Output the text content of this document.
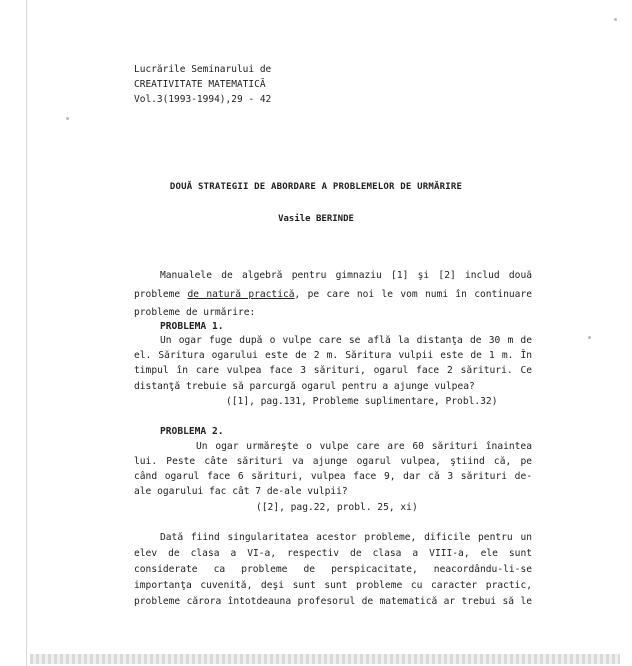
Lucrările Seminarului de
CREATIVITATE MATEMATICĂ
Vol.3(1993-1994),29 - 42
DOUĂ STRATEGII DE ABORDARE A PROBLEMELOR DE URMĂRIRE
Vasile BERINDE
Manualele de algebră pentru gimnaziu [1] şi [2] includ două
probleme de natură practică, pe care noi le vom numi în continuare
probleme de urmărire:
PROBLEMA 1.
Un ogar fuge după o vulpe care se află la distanţa de 30 m de
el. Săritura ogarului este de 2 m. Săritura vulpii este de 1 m. În
timpul în care vulpea face 3 sărituri, ogarul face 2 sărituri. Ce
distanţă trebuie să parcurgă ogarul pentru a ajunge vulpea?
([1], pag.131, Probleme suplimentare, Probl.32)
PROBLEMA 2.
Un ogar urmăreşte o vulpe care are 60 sărituri înaintea
lui. Peste câte sărituri va ajunge ogarul vulpea, ştiind că, pe
când ogarul face 6 sărituri, vulpea face 9, dar că 3 sărituri de-
ale ogarului fac cât 7 de-ale vulpii?
([2], pag.22, probl. 25, xi)
Dată fiind singularitatea acestor probleme, dificile pentru un
elev de clasa a VI-a, respectiv de clasa a VIII-a, ele sunt
considerate ca probleme de perspicacitate, neacordându-li-se
importanţa cuvenită, deşi sunt sunt probleme cu caracter practic,
probleme cărora întotdeauna profesorul de matematică ar trebui să le
